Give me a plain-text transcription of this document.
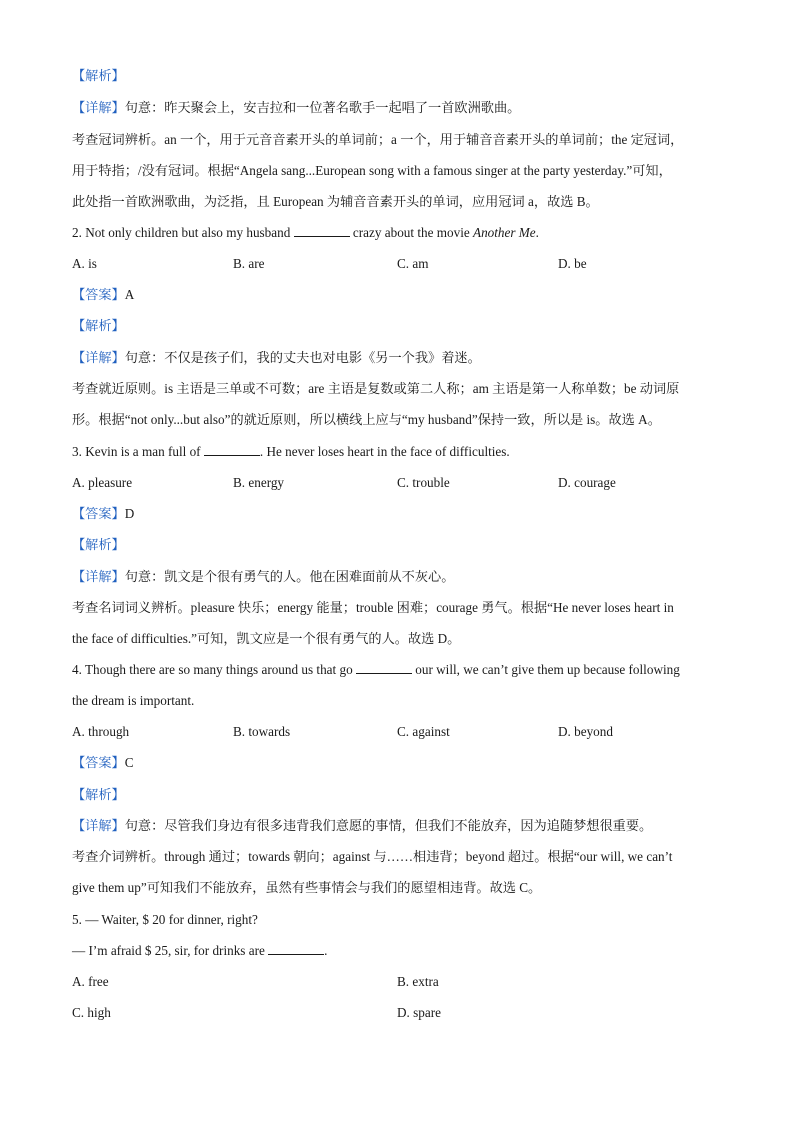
【解析】
【详解】句意：昨天聚会上，安吉拉和一位著名歌手一起唱了一首欧洲歌曲。
考查冠词辨析。an 一个，用于元音音素开头的单词前；a 一个，用于辅音音素开头的单词前；the 定冠词，
用于特指；/没有冠词。根据“Angela sang...European song with a famous singer at the party yesterday.”可知，
此处指一首欧洲歌曲，为泛指，且 European 为辅音音素开头的单词，应用冠词 a，故选 B。
2. Not only children but also my husband	crazy about the movie Another Me.
A. is	B. are	C. am	D. be
【答案】A
【解析】
【详解】句意：不仅是孩子们，我的丈夫也对电影《另一个我》着迷。
考查就近原则。is 主语是三单或不可数；are 主语是复数或第二人称；am 主语是第一人称单数；be 动词原
形。根据“not only...but also”的就近原则，所以横线上应与“my husband”保持一致，所以是 is。故选 A。
3. Kevin is a man full of	. He never loses heart in the face of difficulties.
A. pleasure	B. energy	C. trouble	D. courage
【答案】D
【解析】
【详解】句意：凯文是个很有勇气的人。他在困难面前从不灰心。
考查名词词义辨析。pleasure 快乐；energy 能量；trouble 困难；courage 勇气。根据“He never loses heart in
the face of difficulties.”可知，凯文应是一个很有勇气的人。故选 D。
4. Though there are so many things around us that go	our will, we can’t give them up because following
the dream is important.
A. through	B. towards	C. against	D. beyond
【答案】C
【解析】
【详解】句意：尽管我们身边有很多违背我们意愿的事情，但我们不能放弃，因为追随梦想很重要。
考查介词辨析。through 通过；towards 朝向；against 与……相违背；beyond 超过。根据“our will, we can’t
give them up”可知我们不能放弃，虽然有些事情会与我们的愿望相违背。故选 C。
5. — Waiter, $ 20 for dinner, right?
— I’m afraid $ 25, sir, for drinks are	.
A. free	B. extra
C. high	D. spare
